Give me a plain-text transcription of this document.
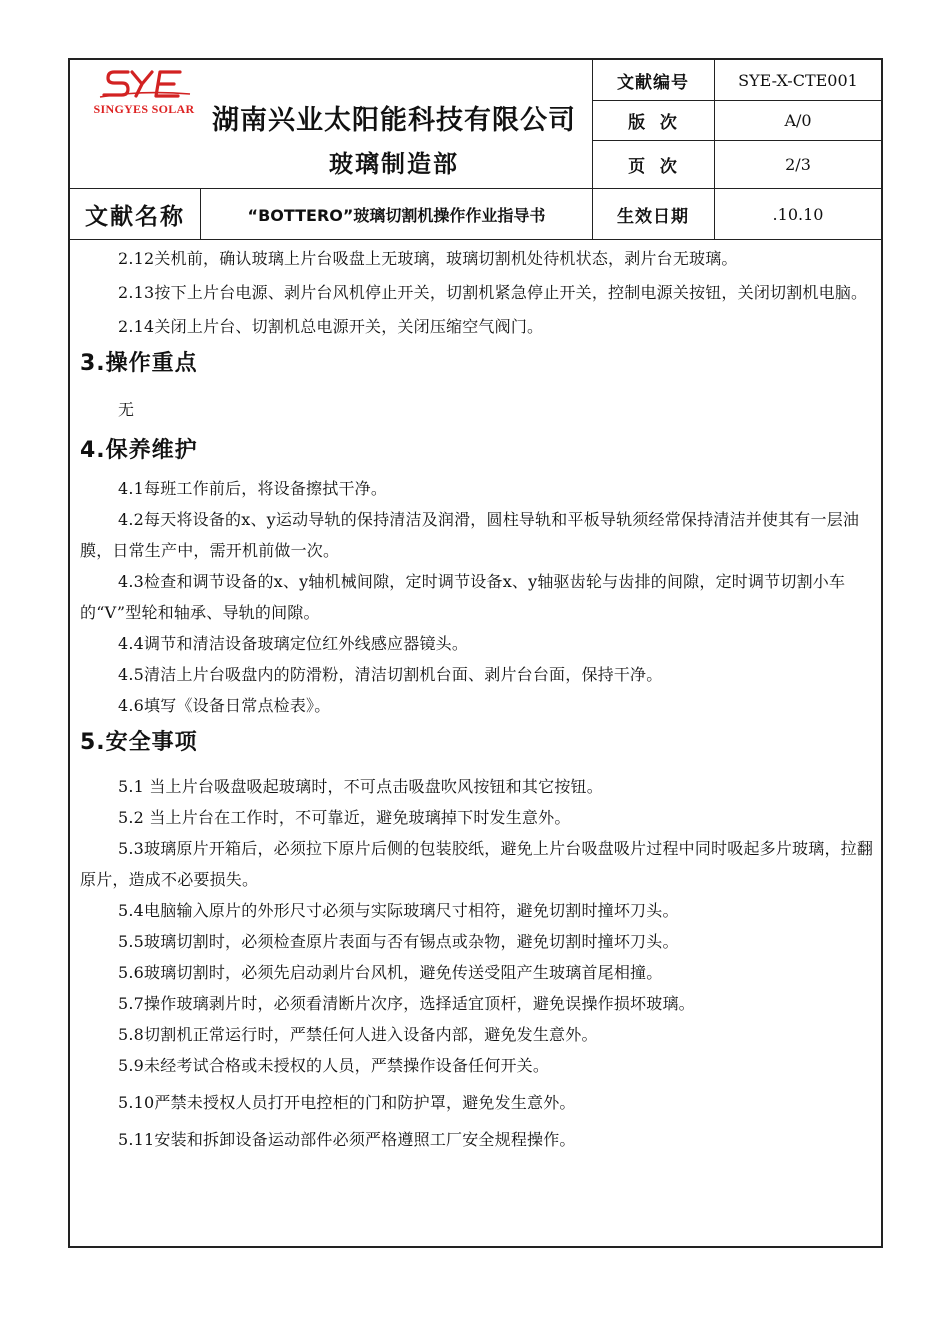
SINGYES SOLAR 湖南兴业太阳能科技有限公司
玻璃制造部
文献编号	SYE-X-CTE001
版  次	A/0
页  次	2/3
文献名称	“BOTTERO”玻璃切割机操作作业指导书	生效日期	.10.10

2.12关机前，确认玻璃上片台吸盘上无玻璃，玻璃切割机处待机状态，剥片台无玻璃。

2.13按下上片台电源、剥片台风机停止开关，切割机紧急停止开关，控制电源关按钮，关闭切割机电脑。

2.14关闭上片台、切割机总电源开关，关闭压缩空气阀门。

3.操作重点

无

4.保养维护

4.1每班工作前后，将设备擦拭干净。

4.2每天将设备的x、y运动导轨的保持清洁及润滑，圆柱导轨和平板导轨须经常保持清洁并使其有一层油膜，日常生产中，需开机前做一次。

4.3检查和调节设备的x、y轴机械间隙，定时调节设备x、y轴驱齿轮与齿排的间隙，定时调节切割小车的“V”型轮和轴承、导轨的间隙。

4.4调节和清洁设备玻璃定位红外线感应器镜头。

4.5清洁上片台吸盘内的防滑粉，清洁切割机台面、剥片台台面，保持干净。

4.6填写《设备日常点检表》。

5.安全事项

5.1 当上片台吸盘吸起玻璃时，不可点击吸盘吹风按钮和其它按钮。

5.2 当上片台在工作时，不可靠近，避免玻璃掉下时发生意外。

5.3玻璃原片开箱后，必须拉下原片后侧的包装胶纸，避免上片台吸盘吸片过程中同时吸起多片玻璃，拉翻原片，造成不必要损失。

5.4电脑输入原片的外形尺寸必须与实际玻璃尺寸相符，避免切割时撞坏刀头。

5.5玻璃切割时，必须检查原片表面与否有锡点或杂物，避免切割时撞坏刀头。

5.6玻璃切割时，必须先启动剥片台风机，避免传送受阻产生玻璃首尾相撞。

5.7操作玻璃剥片时，必须看清断片次序，选择适宜顶杆，避免误操作损坏玻璃。

5.8切割机正常运行时，严禁任何人进入设备内部，避免发生意外。

5.9未经考试合格或未授权的人员，严禁操作设备任何开关。

5.10严禁未授权人员打开电控柜的门和防护罩，避免发生意外。

5.11安装和拆卸设备运动部件必须严格遵照工厂安全规程操作。
